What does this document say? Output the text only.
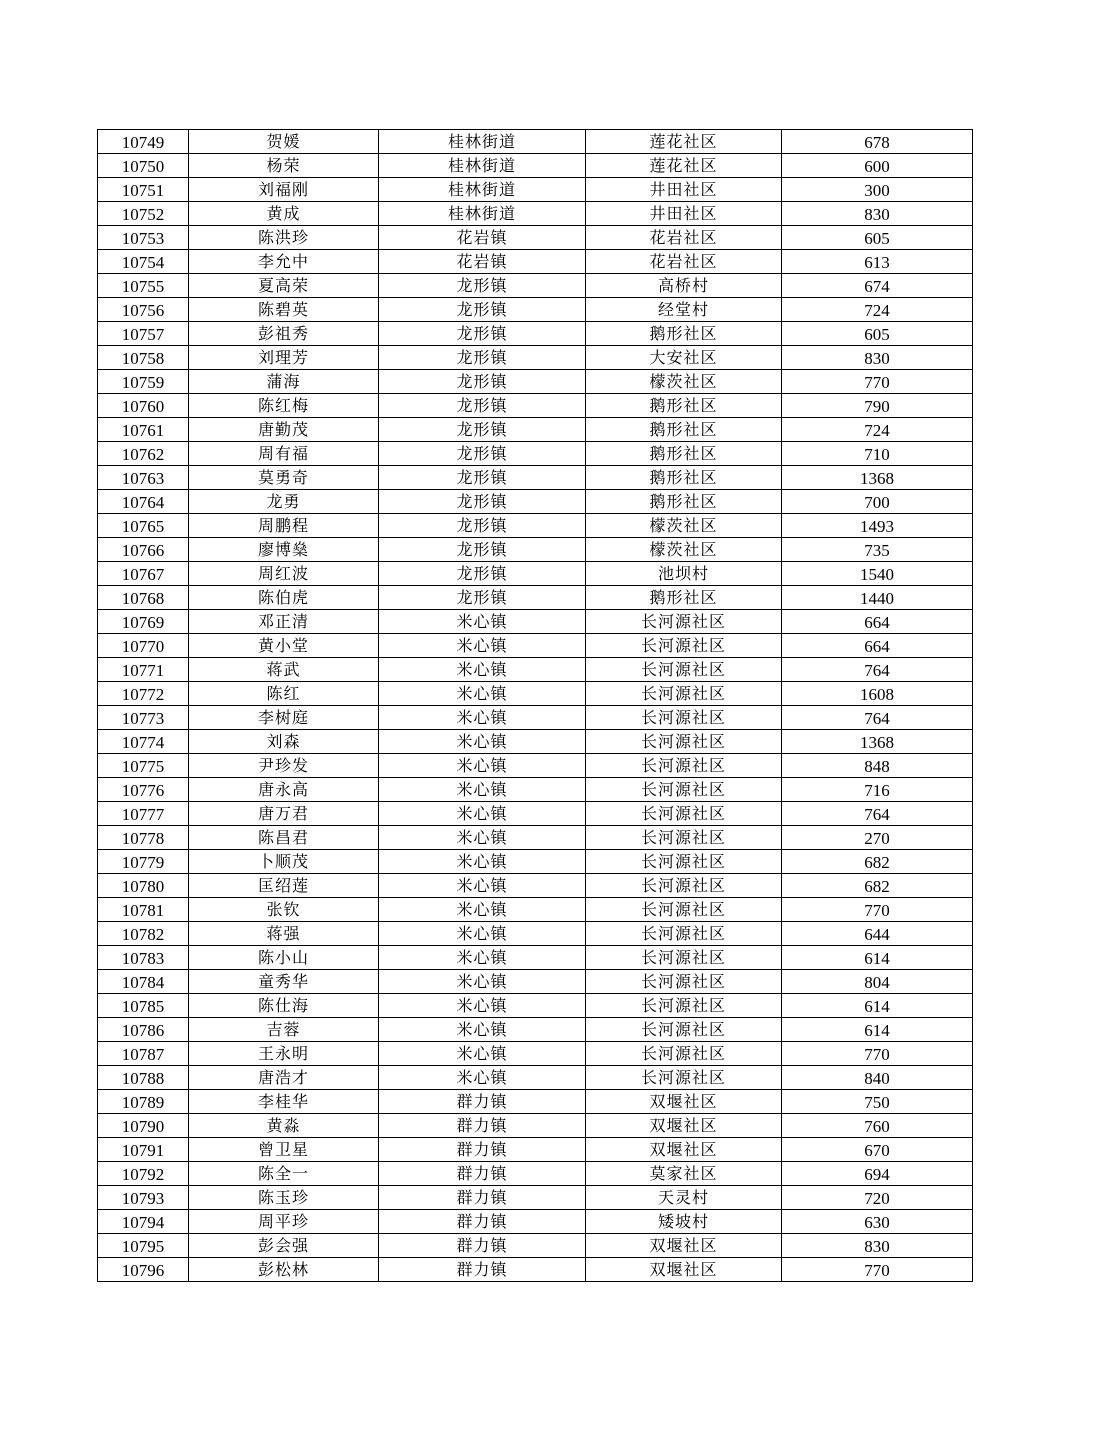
10749	贺媛	桂林街道	莲花社区	678
10750	杨荣	桂林街道	莲花社区	600
10751	刘福刚	桂林街道	井田社区	300
10752	黄成	桂林街道	井田社区	830
10753	陈洪珍	花岩镇	花岩社区	605
10754	李允中	花岩镇	花岩社区	613
10755	夏高荣	龙形镇	高桥村	674
10756	陈碧英	龙形镇	经堂村	724
10757	彭祖秀	龙形镇	鹅形社区	605
10758	刘理芳	龙形镇	大安社区	830
10759	蒲海	龙形镇	檬茨社区	770
10760	陈红梅	龙形镇	鹅形社区	790
10761	唐勤茂	龙形镇	鹅形社区	724
10762	周有福	龙形镇	鹅形社区	710
10763	莫勇奇	龙形镇	鹅形社区	1368
10764	龙勇	龙形镇	鹅形社区	700
10765	周鹏程	龙形镇	檬茨社区	1493
10766	廖博燊	龙形镇	檬茨社区	735
10767	周红波	龙形镇	池坝村	1540
10768	陈伯虎	龙形镇	鹅形社区	1440
10769	邓正清	米心镇	长河源社区	664
10770	黄小堂	米心镇	长河源社区	664
10771	蒋武	米心镇	长河源社区	764
10772	陈红	米心镇	长河源社区	1608
10773	李树庭	米心镇	长河源社区	764
10774	刘森	米心镇	长河源社区	1368
10775	尹珍发	米心镇	长河源社区	848
10776	唐永高	米心镇	长河源社区	716
10777	唐万君	米心镇	长河源社区	764
10778	陈昌君	米心镇	长河源社区	270
10779	卜顺茂	米心镇	长河源社区	682
10780	匡绍莲	米心镇	长河源社区	682
10781	张钦	米心镇	长河源社区	770
10782	蒋强	米心镇	长河源社区	644
10783	陈小山	米心镇	长河源社区	614
10784	童秀华	米心镇	长河源社区	804
10785	陈仕海	米心镇	长河源社区	614
10786	吉蓉	米心镇	长河源社区	614
10787	王永明	米心镇	长河源社区	770
10788	唐浩才	米心镇	长河源社区	840
10789	李桂华	群力镇	双堰社区	750
10790	黄淼	群力镇	双堰社区	760
10791	曾卫星	群力镇	双堰社区	670
10792	陈全一	群力镇	莫家社区	694
10793	陈玉珍	群力镇	天灵村	720
10794	周平珍	群力镇	矮坡村	630
10795	彭会强	群力镇	双堰社区	830
10796	彭松林	群力镇	双堰社区	770
